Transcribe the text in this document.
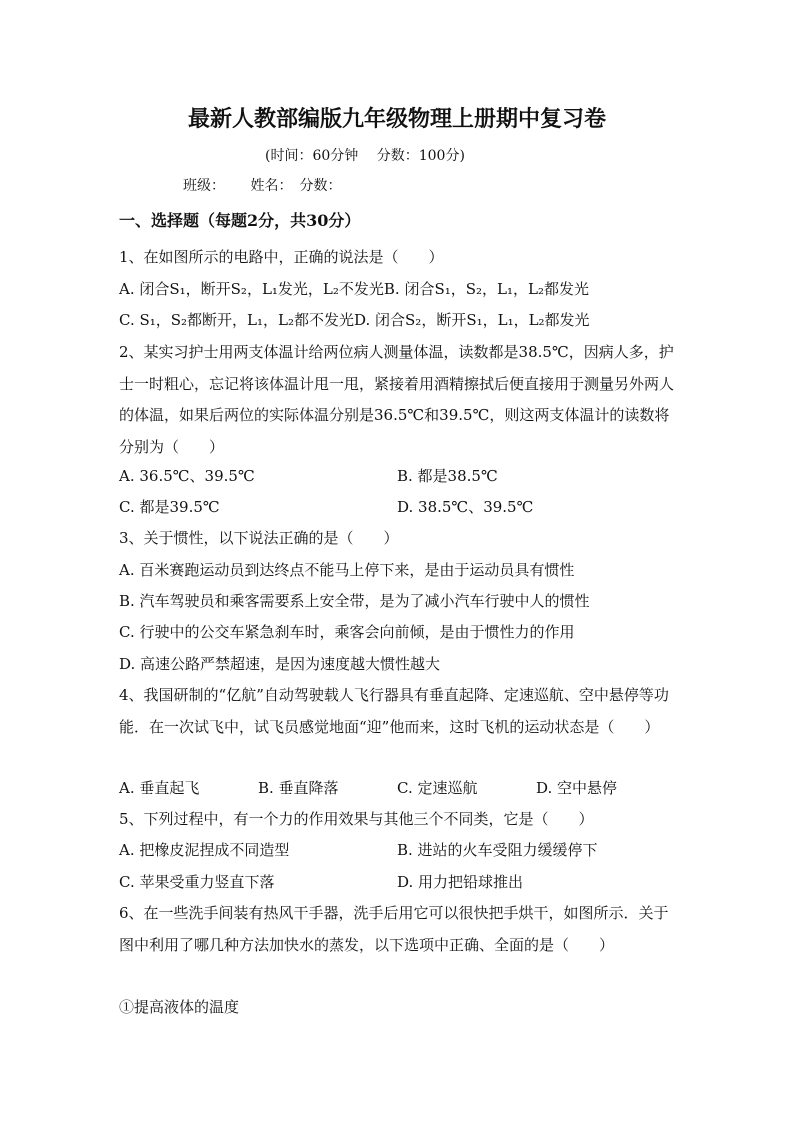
最新人教部编版九年级物理上册期中复习卷
(时间：60分钟　 分数：100分)
班级：　　 姓名：　分数：
一、选择题（每题2分，共30分）
1、在如图所示的电路中，正确的说法是（　　）
A. 闭合S₁，断开S₂，L₁发光，L₂不发光B. 闭合S₁，S₂，L₁，L₂都发光
C. S₁，S₂都断开，L₁，L₂都不发光D. 闭合S₂，断开S₁，L₁，L₂都发光
2、某实习护士用两支体温计给两位病人测量体温，读数都是38.5℃，因病人多，护士一时粗心，忘记将该体温计甩一甩，紧接着用酒精擦拭后便直接用于测量另外两人的体温，如果后两位的实际体温分别是36.5℃和39.5℃，则这两支体温计的读数将分别为（　　）
A. 36.5℃、39.5℃	B. 都是38.5℃
C. 都是39.5℃	D. 38.5℃、39.5℃
3、关于惯性，以下说法正确的是（　　）
A. 百米赛跑运动员到达终点不能马上停下来，是由于运动员具有惯性
B. 汽车驾驶员和乘客需要系上安全带，是为了减小汽车行驶中人的惯性
C. 行驶中的公交车紧急刹车时，乘客会向前倾，是由于惯性力的作用
D. 高速公路严禁超速，是因为速度越大惯性越大
4、我国研制的“亿航”自动驾驶载人飞行器具有垂直起降、定速巡航、空中悬停等功能．在一次试飞中，试飞员感觉地面“迎”他而来，这时飞机的运动状态是（　　）
A. 垂直起飞	B. 垂直降落	C. 定速巡航	D. 空中悬停
5、下列过程中，有一个力的作用效果与其他三个不同类，它是（　　）
A. 把橡皮泥捏成不同造型	B. 进站的火车受阻力缓缓停下
C. 苹果受重力竖直下落	D. 用力把铅球推出
6、在一些洗手间装有热风干手器，洗手后用它可以很快把手烘干，如图所示．关于图中利用了哪几种方法加快水的蒸发，以下选项中正确、全面的是（　　）
①提高液体的温度
